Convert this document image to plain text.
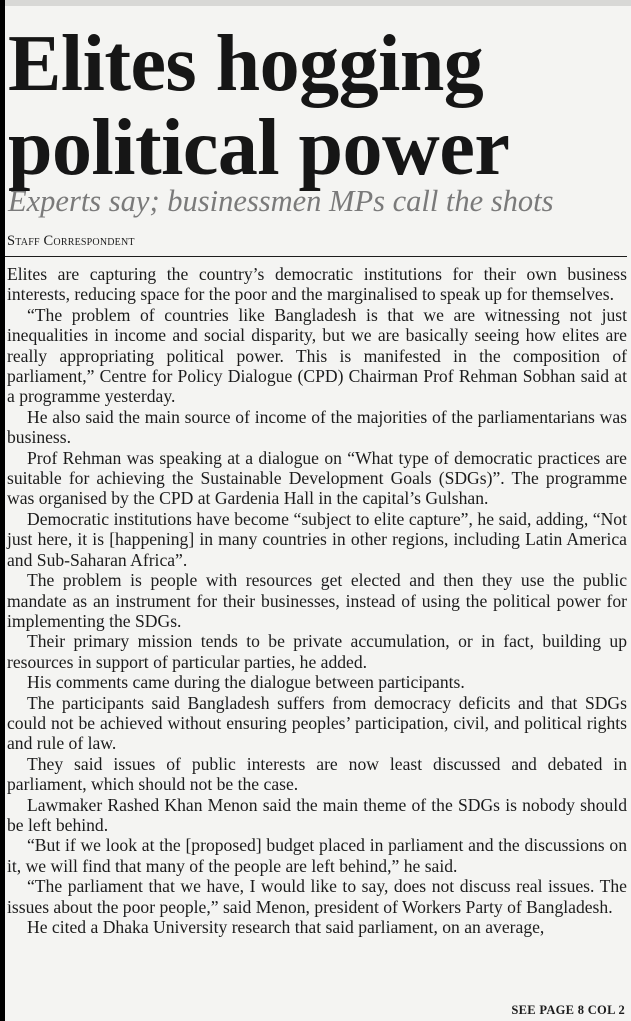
Elites hogging
political power
Experts say; businessmen MPs call the shots
Staff Correspondent

Elites are capturing the country’s democratic institutions for their own business interests, reducing space for the poor and the marginalised to speak up for themselves.

“The problem of countries like Bangladesh is that we are witnessing not just inequalities in income and social disparity, but we are basically seeing how elites are really appropriating political power. This is manifested in the composition of parliament,” Centre for Policy Dialogue (CPD) Chairman Prof Rehman Sobhan said at a programme yesterday.

He also said the main source of income of the majorities of the parliamentarians was business.

Prof Rehman was speaking at a dialogue on “What type of democratic practices are suitable for achieving the Sustainable Development Goals (SDGs)”. The programme was organised by the CPD at Gardenia Hall in the capital’s Gulshan.

Democratic institutions have become “subject to elite capture”, he said, adding, “Not just here, it is [happening] in many countries in other regions, including Latin America and Sub-Saharan Africa”.

The problem is people with resources get elected and then they use the public mandate as an instrument for their businesses, instead of using the political power for implementing the SDGs.

Their primary mission tends to be private accumulation, or in fact, building up resources in support of particular parties, he added.

His comments came during the dialogue between participants.

The participants said Bangladesh suffers from democracy deficits and that SDGs could not be achieved without ensuring peoples’ participation, civil, and political rights and rule of law.

They said issues of public interests are now least discussed and debated in parliament, which should not be the case.

Lawmaker Rashed Khan Menon said the main theme of the SDGs is nobody should be left behind.

“But if we look at the [proposed] budget placed in parliament and the discussions on it, we will find that many of the people are left behind,” he said.

“The parliament that we have, I would like to say, does not discuss real issues. The issues about the poor people,” said Menon, president of Workers Party of Bangladesh.

He cited a Dhaka University research that said parliament, on an average,

SEE PAGE 8 COL 2
